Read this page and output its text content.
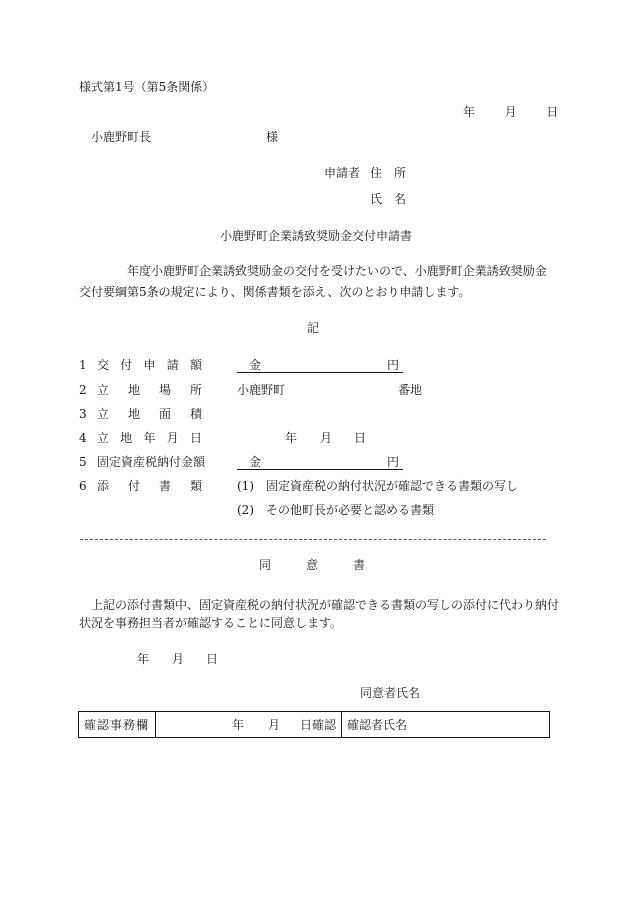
様式第1号（第5条関係）
年 月 日
小鹿野町長	様
申請者 住　所
氏　名
小鹿野町企業誘致奨励金交付申請書
年度小鹿野町企業誘致奨励金の交付を受けたいので、小鹿野町企業誘致奨励金
交付要綱第5条の規定により、関係書類を添え、次のとおり申請します。
記
1 交 付 申 請 額	金	円
2 立 地 場 所	小鹿野町	番地
3 立 地 面 積
4 立 地 年 月 日	年 月 日
5 固定資産税納付金額	金	円
6 添 付 書 類	(1) 固定資産税の納付状況が確認できる書類の写し
(2) その他町長が必要と認める書類
同	意	書
上記の添付書類中、固定資産税の納付状況が確認できる書類の写しの添付に代わり納付
状況を事務担当者が確認することに同意します。
年 月 日
同意者氏名
確認事務欄	年 月 日確認 確認者氏名
